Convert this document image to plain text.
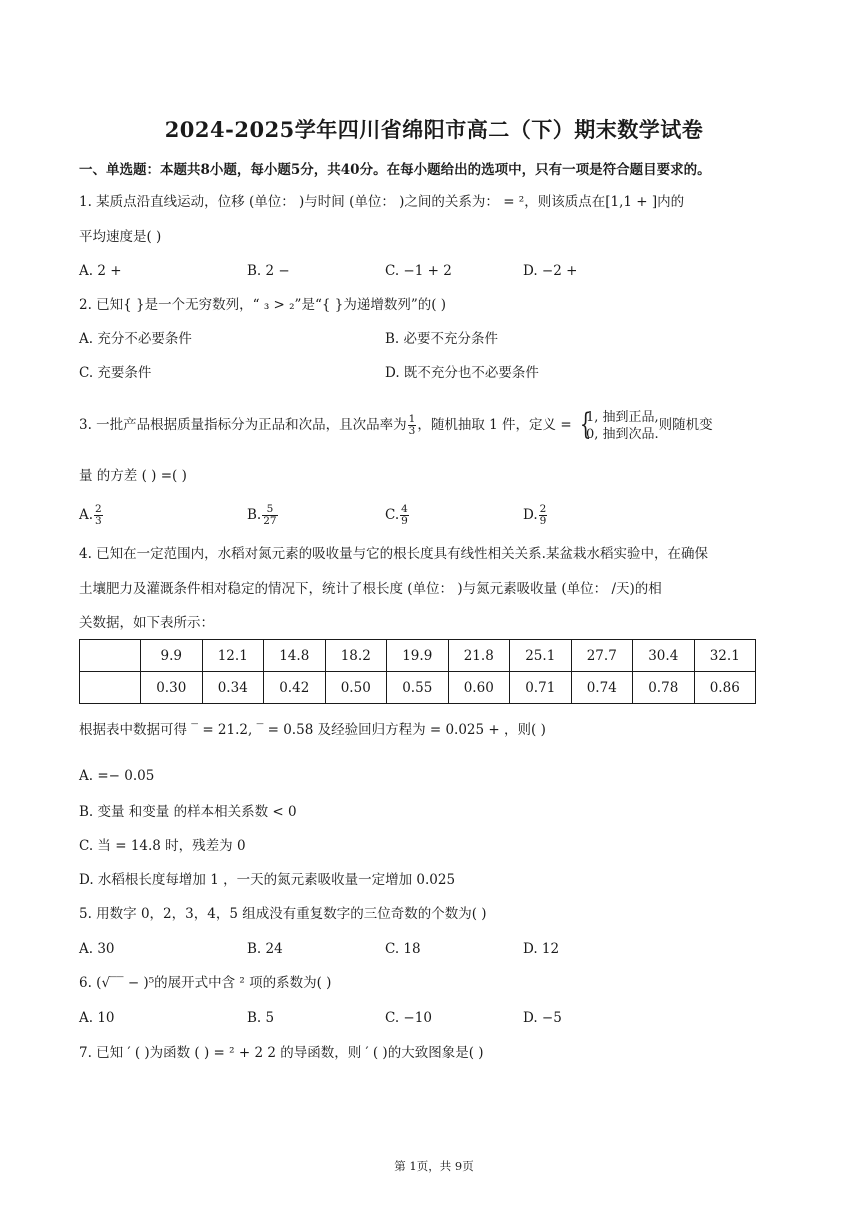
2024-2025学年四川省绵阳市高二（下）期末数学试卷
一、单选题：本题共8小题，每小题5分，共40分。在每小题给出的选项中，只有一项是符合题目要求的。
1. 某质点沿直线运动，位移 (单位： )与时间 (单位： )之间的关系为： = ²，则该质点在[1,1 + ]内的
平均速度是( )
A. 2 +	B. 2 −	C. −1 + 2	D. −2 +
2. 已知{ }是一个无穷数列，“ ₃ > ₂”是“{ }为递增数列”的( )
A. 充分不必要条件	B. 必要不充分条件
C. 充要条件	D. 既不充分也不必要条件
3. 一批产品根据质量指标分为正品和次品，且次品率为 $\frac{1}{3}$ ，随机抽取 1 件，定义 = {
1, 抽到正品,
0, 抽到次品.
则随机变
量 的方差 ( ) =( )
A. $\frac{2}{3}$	B. $\frac{5}{27}$	C. $\frac{4}{9}$	D. $\frac{2}{9}$
4. 已知在一定范围内，水稻对氮元素的吸收量与它的根长度具有线性相关关系.某盆栽水稻实验中，在确保
土壤肥力及灌溉条件相对稳定的情况下，统计了根长度 (单位： )与氮元素吸收量 (单位： /天)的相
关数据，如下表所示：
	9.9	12.1	14.8	18.2	19.9	21.8	25.1	27.7	30.4	32.1
	0.30	0.34	0.42	0.50	0.55	0.60	0.71	0.74	0.78	0.86
根据表中数据可得 ‾ = 21.2, ‾ = 0.58 及经验回归方程为 = 0.025 + ，则( )
A. =− 0.05
B. 变量 和变量 的样本相关系数 < 0
C. 当 = 14.8 时，残差为 0
D. 水稻根长度每增加 1 ，一天的氮元素吸收量一定增加 0.025
5. 用数字 0，2，3，4，5 组成没有重复数字的三位奇数的个数为( )
A. 30	B. 24	C. 18	D. 12
6. (√‾‾ − )⁵的展开式中含 ² 项的系数为( )
A. 10	B. 5	C. −10	D. −5
7. 已知 ′ ( )为函数 ( ) = ² + 2 2 的导函数，则 ′ ( )的大致图象是( )
第 1页，共 9页
